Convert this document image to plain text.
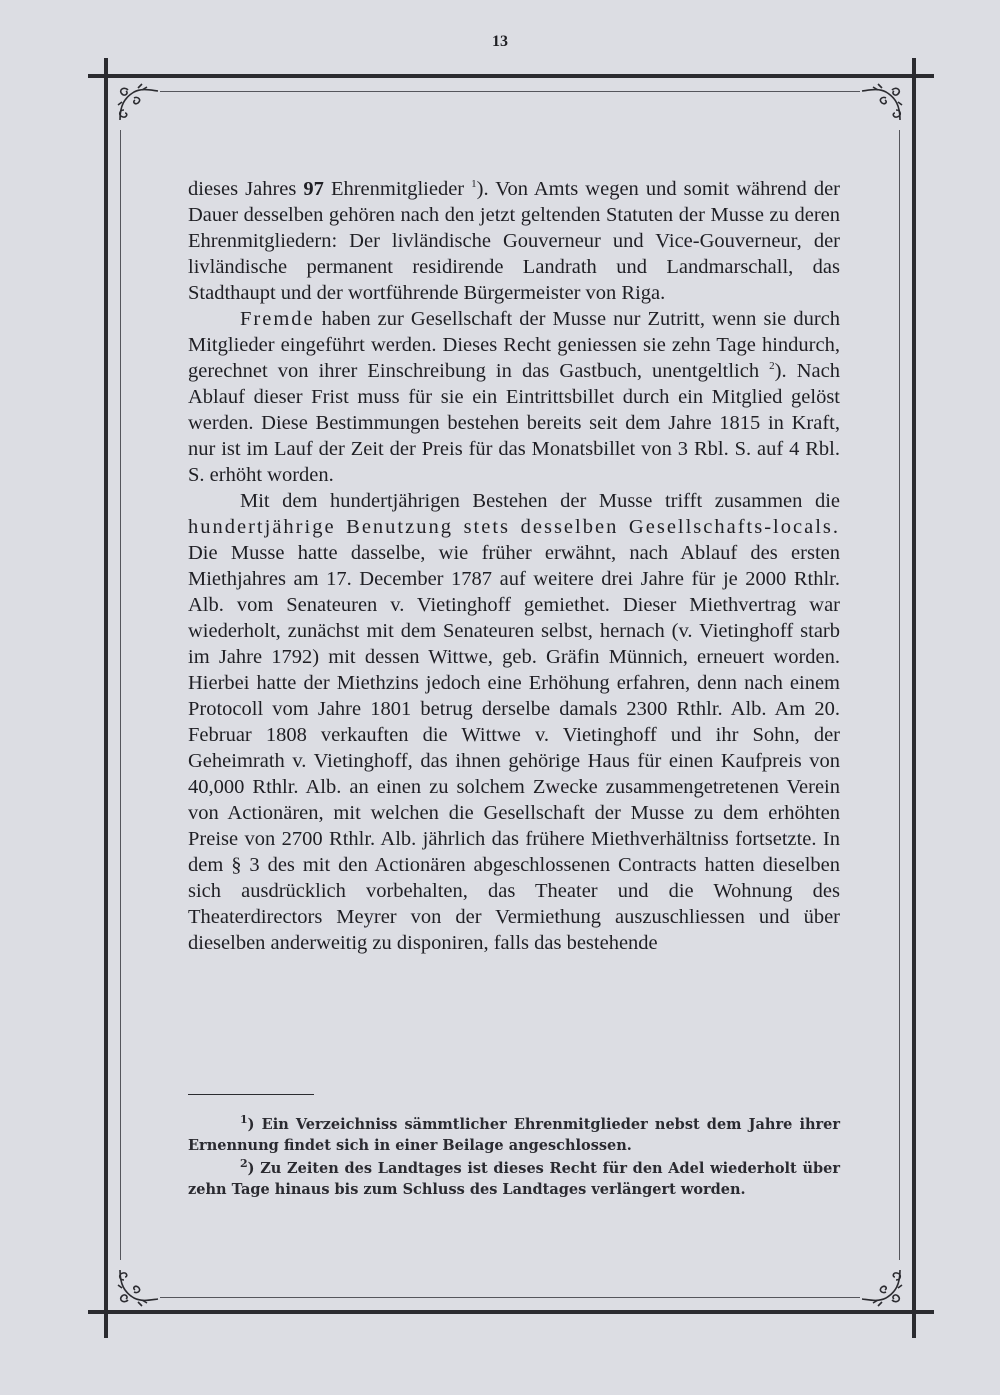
13

dieses Jahres 97 Ehrenmitglieder $^1$). Von Amts wegen und somit während der Dauer desselben gehören nach den jetzt geltenden Statuten der Musse zu deren Ehrenmitgliedern: Der livländische Gouverneur und Vice-Gouverneur, der livländische permanent residirende Landrath und Landmarschall, das Stadthaupt und der wortführende Bürgermeister von Riga.

Fremde haben zur Gesellschaft der Musse nur Zutritt, wenn sie durch Mitglieder eingeführt werden. Dieses Recht geniessen sie zehn Tage hindurch, gerechnet von ihrer Einschreibung in das Gastbuch, unentgeltlich $^2$). Nach Ablauf dieser Frist muss für sie ein Eintrittsbillet durch ein Mitglied gelöst werden. Diese Bestimmungen bestehen bereits seit dem Jahre 1815 in Kraft, nur ist im Lauf der Zeit der Preis für das Monatsbillet von 3 Rbl. S. auf 4 Rbl. S. erhöht worden.

Mit dem hundertjährigen Bestehen der Musse trifft zusammen die hundertjährige Benutzung stets desselben Gesellschafts-locals. Die Musse hatte dasselbe, wie früher erwähnt, nach Ablauf des ersten Miethjahres am 17. December 1787 auf weitere drei Jahre für je 2000 Rthlr. Alb. vom Senateuren v. Vietinghoff gemiethet. Dieser Miethvertrag war wiederholt, zunächst mit dem Senateuren selbst, hernach (v. Vietinghoff starb im Jahre 1792) mit dessen Wittwe, geb. Gräfin Münnich, erneuert worden. Hierbei hatte der Miethzins jedoch eine Erhöhung erfahren, denn nach einem Protocoll vom Jahre 1801 betrug derselbe damals 2300 Rthlr. Alb. Am 20. Februar 1808 verkauften die Wittwe v. Vietinghoff und ihr Sohn, der Geheimrath v. Vietinghoff, das ihnen gehörige Haus für einen Kaufpreis von 40,000 Rthlr. Alb. an einen zu solchem Zwecke zusammengetretenen Verein von Actionären, mit welchen die Gesellschaft der Musse zu dem erhöhten Preise von 2700 Rthlr. Alb. jährlich das frühere Miethverhältniss fortsetzte. In dem § 3 des mit den Actionären abgeschlossenen Contracts hatten dieselben sich ausdrücklich vorbehalten, das Theater und die Wohnung des Theaterdirectors Meyrer von der Vermiethung auszuschliessen und über dieselben anderweitig zu disponiren, falls das bestehende

$^1$) Ein Verzeichniss sämmtlicher Ehrenmitglieder nebst dem Jahre ihrer Ernennung findet sich in einer Beilage angeschlossen.

$^2$) Zu Zeiten des Landtages ist dieses Recht für den Adel wiederholt über zehn Tage hinaus bis zum Schluss des Landtages verlängert worden.
